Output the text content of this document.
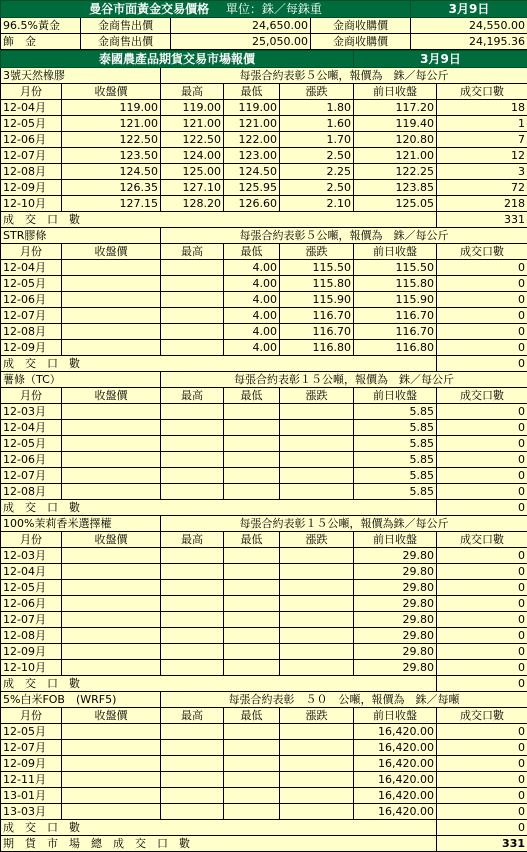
曼谷市面黃金交易價格 單位：銖／每銖重				3月9日
96.5%黃金	金商售出價	24,650.00	金商收購價	24,550.00
飾　金	金商售出價	25,050.00	金商收購價	24,195.36
泰國農產品期貨交易市場報價					3月9日	
3號天然橡膠		每張合約表彰５公噸，報價為　銖／每公斤				
月份	收盤價	最高	最低	漲跌	前日收盤	成交口數
12-04月	119.00	119.00	119.00	1.80	117.20	18
12-05月	121.00	121.00	121.00	1.60	119.40	1
12-06月	122.50	122.50	122.00	1.70	120.80	7
12-07月	123.50	124.00	123.00	2.50	121.00	12
12-08月	124.50	125.00	124.50	2.25	122.25	3
12-09月	126.35	127.10	125.95	2.50	123.85	72
12-10月	127.15	128.20	126.60	2.10	125.05	218
成　交　口　數						331
STR膠條		每張合約表彰５公噸，報價為　銖／每公斤				
月份	收盤價	最高	最低	漲跌	前日收盤	成交口數
12-04月			4.00	115.50	115.50	0
12-05月			4.00	115.80	115.80	0
12-06月			4.00	115.90	115.90	0
12-07月			4.00	116.70	116.70	0
12-08月			4.00	116.70	116.70	0
12-09月			4.00	116.80	116.80	0
成　交　口　數						0
薯條（TC）		每張合約表彰１５公噸，報價為　銖／每公斤				
月份	收盤價	最高	最低	漲跌	前日收盤	成交口數
12-03月					5.85	0
12-04月					5.85	0
12-05月					5.85	0
12-06月					5.85	0
12-07月					5.85	0
12-08月					5.85	0
成　交　口　數						0
100%茉莉香米選擇權		每張合約表彰１５公噸，報價為銖／每公斤				
月份	收盤價	最高	最低	漲跌	前日收盤	成交口數
12-03月					29.80	0
12-04月					29.80	0
12-05月					29.80	0
12-06月					29.80	0
12-07月					29.80	0
12-08月					29.80	0
12-09月					29.80	0
12-10月					29.80	0
成　交　口　數						0
5%白米FOB　(WRF5)		每張合約表彰　５０　公噸，報價為　銖／每噸				
月份	收盤價	最高	最低	漲跌	前日收盤	成交口數
12-05月					16,420.00	0
12-07月					16,420.00	0
12-09月					16,420.00	0
12-11月					16,420.00	0
13-01月					16,420.00	0
13-03月					16,420.00	0
成　交　口　數						0
期　貨　市　場　總　成　交　口　數						331
